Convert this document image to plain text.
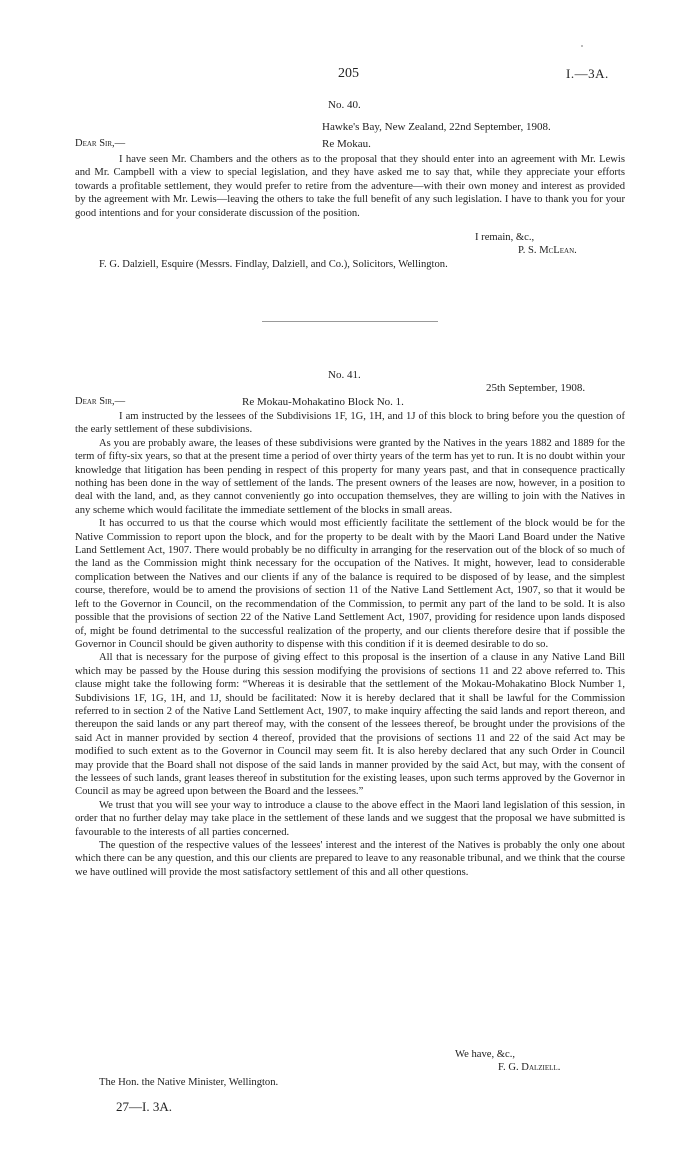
205	I.—3A.
No. 40.
Hawke's Bay, New Zealand, 22nd September, 1908.
Dear Sir,—	Re Mokau.

I have seen Mr. Chambers and the others as to the proposal that they should enter into an agreement with Mr. Lewis and Mr. Campbell with a view to special legislation, and they have asked me to say that, while they appreciate your efforts towards a profitable settlement, they would prefer to retire from the adventure—with their own money and interest as provided by the agreement with Mr. Lewis—leaving the others to take the full benefit of any such legislation. I have to thank you for your good intentions and for your considerate discussion of the position.

I remain, &c.,
P. S. McLean.
F. G. Dalziell, Esquire (Messrs. Findlay, Dalziell, and Co.), Solicitors, Wellington.
No. 41.
25th September, 1908.
Dear Sir,—	Re Mokau-Mohakatino Block No. 1.

I am instructed by the lessees of the Subdivisions 1F, 1G, 1H, and 1J of this block to bring before you the question of the early settlement of these subdivisions.

As you are probably aware, the leases of these subdivisions were granted by the Natives in the years 1882 and 1889 for the term of fifty-six years, so that at the present time a period of over thirty years of the term has yet to run. It is no doubt within your knowledge that litigation has been pending in respect of this property for many years past, and that in consequence practically nothing has been done in the way of settlement of the lands. The present owners of the leases are now, however, in a position to deal with the land, and, as they cannot conveniently go into occupation themselves, they are willing to join with the Natives in any scheme which would facilitate the immediate settlement of the blocks in small areas.

It has occurred to us that the course which would most efficiently facilitate the settlement of the block would be for the Native Commission to report upon the block, and for the property to be dealt with by the Maori Land Board under the Native Land Settlement Act, 1907. There would probably be no difficulty in arranging for the reservation out of the block of so much of the land as the Commission might think necessary for the occupation of the Natives. It might, however, lead to considerable complication between the Natives and our clients if any of the balance is required to be disposed of by lease, and the simplest course, therefore, would be to amend the provisions of section 11 of the Native Land Settlement Act, 1907, so that it would be left to the Governor in Council, on the recommendation of the Commission, to permit any part of the land to be sold. It is also possible that the provisions of section 22 of the Native Land Settlement Act, 1907, providing for residence upon lands disposed of, might be found detrimental to the successful realization of the property, and our clients therefore desire that if possible the Governor in Council should be given authority to dispense with this condition if it is deemed desirable to do so.

All that is necessary for the purpose of giving effect to this proposal is the insertion of a clause in any Native Land Bill which may be passed by the House during this session modifying the provisions of sections 11 and 22 above referred to. This clause might take the following form: “Whereas it is desirable that the settlement of the Mokau-Mohakatino Block Number 1, Subdivisions 1F, 1G, 1H, and 1J, should be facilitated: Now it is hereby declared that it shall be lawful for the Commission referred to in section 2 of the Native Land Settlement Act, 1907, to make inquiry affecting the said lands and report thereon, and thereupon the said lands or any part thereof may, with the consent of the lessees thereof, be brought under the provisions of the said Act in manner provided by section 4 thereof, provided that the provisions of sections 11 and 22 of the said Act may be modified to such extent as to the Governor in Council may seem fit. It is also hereby declared that any such Order in Council may provide that the Board shall not dispose of the said lands in manner provided by the said Act, but may, with the consent of the lessees of such lands, grant leases thereof in substitution for the existing leases, upon such terms approved by the Governor in Council as may be agreed upon between the Board and the lessees.”

We trust that you will see your way to introduce a clause to the above effect in the Maori land legislation of this session, in order that no further delay may take place in the settlement of these lands and we suggest that the proposal we have submitted is favourable to the interests of all parties concerned.

The question of the respective values of the lessees' interest and the interest of the Natives is probably the only one about which there can be any question, and this our clients are prepared to leave to any reasonable tribunal, and we think that the course we have outlined will provide the most satisfactory settlement of this and all other questions.

We have, &c.,
F. G. Dalziell.
The Hon. the Native Minister, Wellington.
27—I. 3A.
